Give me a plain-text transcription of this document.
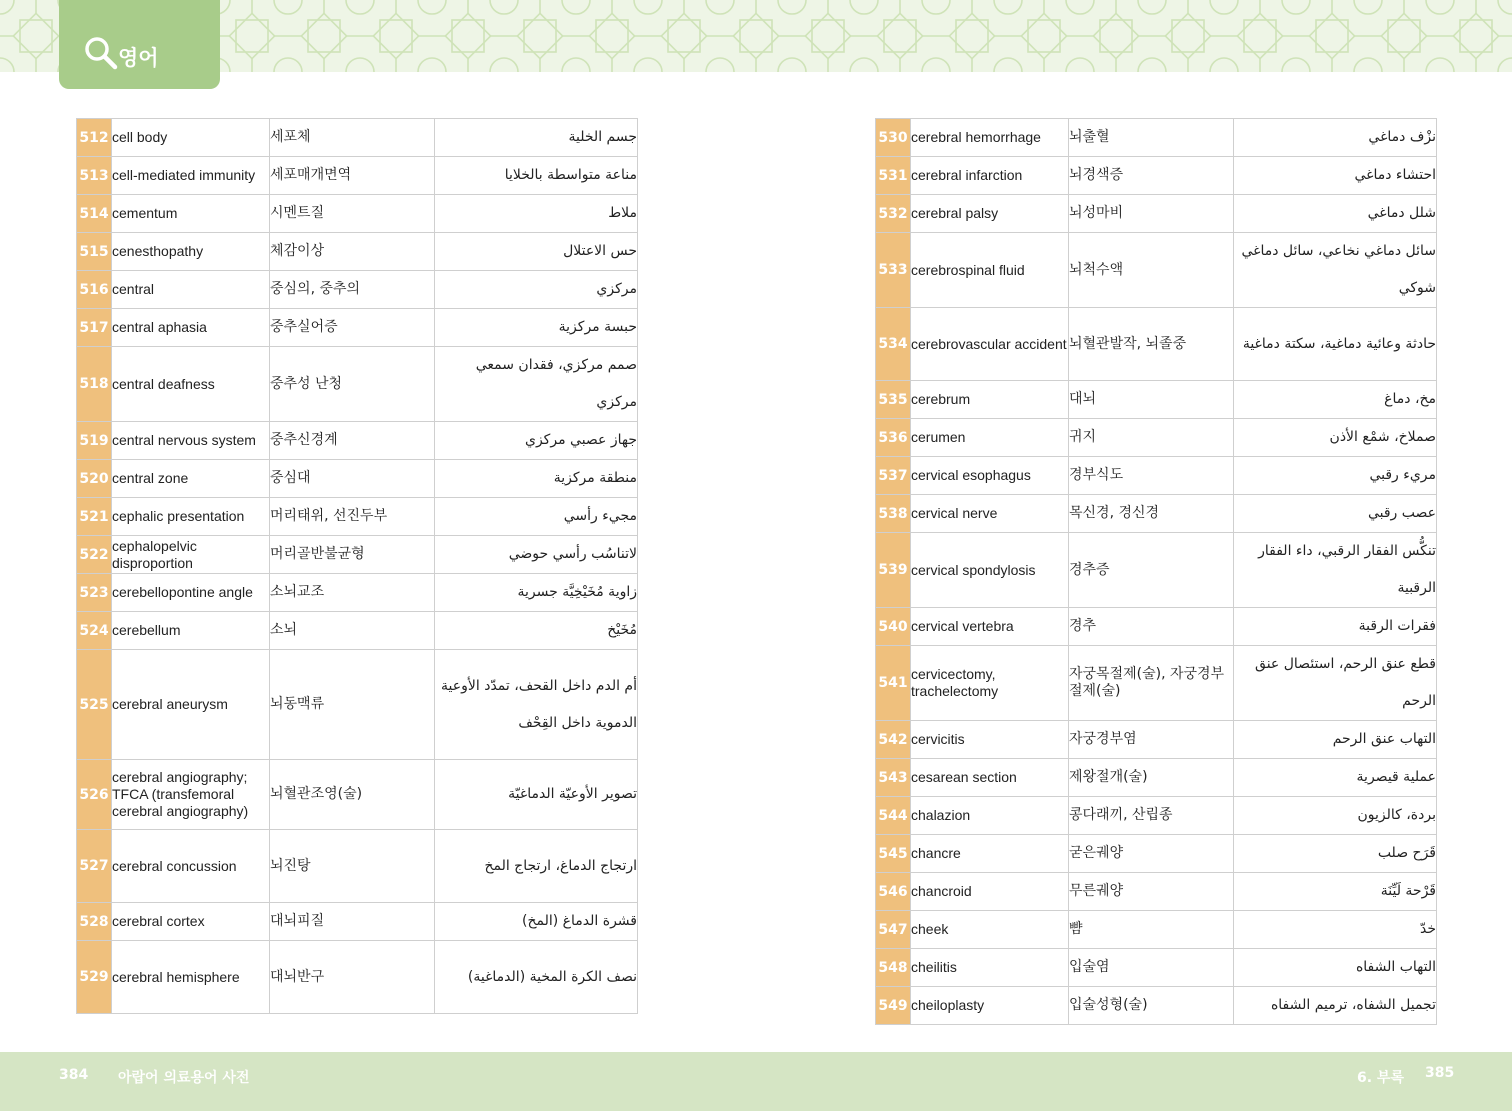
영어
512	cell body	세포체	جسم الخلية
513	cell-mediated immunity	세포매개면역	مناعة متواسطة بالخلايا
514	cementum	시멘트질	ملاط
515	cenesthopathy	체감이상	حس الاعتلال
516	central	중심의, 중추의	مركزي
517	central aphasia	중추실어증	حبسة مركزية
518	central deafness	중추성 난청	صمم مركزي، فقدان سمعي مركزي
519	central nervous system	중추신경계	جهاز عصبي مركزي
520	central zone	중심대	منطقة مركزية
521	cephalic presentation	머리태위, 선진두부	مجيء رأسي
522	cephalopelvic disproportion	머리골반불균형	لاتناسُب رأسي حوضي
523	cerebellopontine angle	소뇌교조	زاوية مُخَيْخِيَّة جسرية
524	cerebellum	소뇌	مُخَيْخ
525	cerebral aneurysm	뇌동맥류	أم الدم داخل القحف، تمدّد الأوعية الدموية داخل القِحْف
526	cerebral angiography; TFCA (transfemoral cerebral angiography)	뇌혈관조영(술)	تصوير الأوعيّة الدماغيّة
527	cerebral concussion	뇌진탕	ارتجاج الدماغ، ارتجاج المخ
528	cerebral cortex	대뇌피질	قشرة الدماغ (المخ)
529	cerebral hemisphere	대뇌반구	نصف الكرة المخية (الدماغية)
530	cerebral hemorrhage	뇌출혈	نزْف دماغي
531	cerebral infarction	뇌경색증	احتشاء دماغي
532	cerebral palsy	뇌성마비	شلل دماغي
533	cerebrospinal fluid	뇌척수액	سائل دماغي نخاعي، سائل دماغي شوكي
534	cerebrovascular accident	뇌혈관발작, 뇌졸중	حادثة وعائية دماغية، سكتة دماغية
535	cerebrum	대뇌	مخ، دماغ
536	cerumen	귀지	صملاخ، شمْع الأذن
537	cervical esophagus	경부식도	مريء رقبي
538	cervical nerve	목신경, 경신경	عصب رقبي
539	cervical spondylosis	경추증	تنكُّس الفقار الرقبي، داء الفقار الرقبية
540	cervical vertebra	경추	فقرات الرقبة
541	cervicectomy, trachelectomy	자궁목절제(술), 자궁경부절제(술)	قطع عنق الرحم، استئصال عنق الرحم
542	cervicitis	자궁경부염	التهاب عنق الرحم
543	cesarean section	제왕절개(술)	عملية قيصرية
544	chalazion	콩다래끼, 산립종	بردة، كالزيون
545	chancre	굳은궤양	قَرَح صلب
546	chancroid	무른궤양	قَرْحة لَيِّنَة
547	cheek	뺨	خدّ
548	cheilitis	입술염	التهاب الشفاه
549	cheiloplasty	입술성형(술)	تجميل الشفاه، ترميم الشفاه
384 아랍어 의료용어 사전	6. 부록 385
